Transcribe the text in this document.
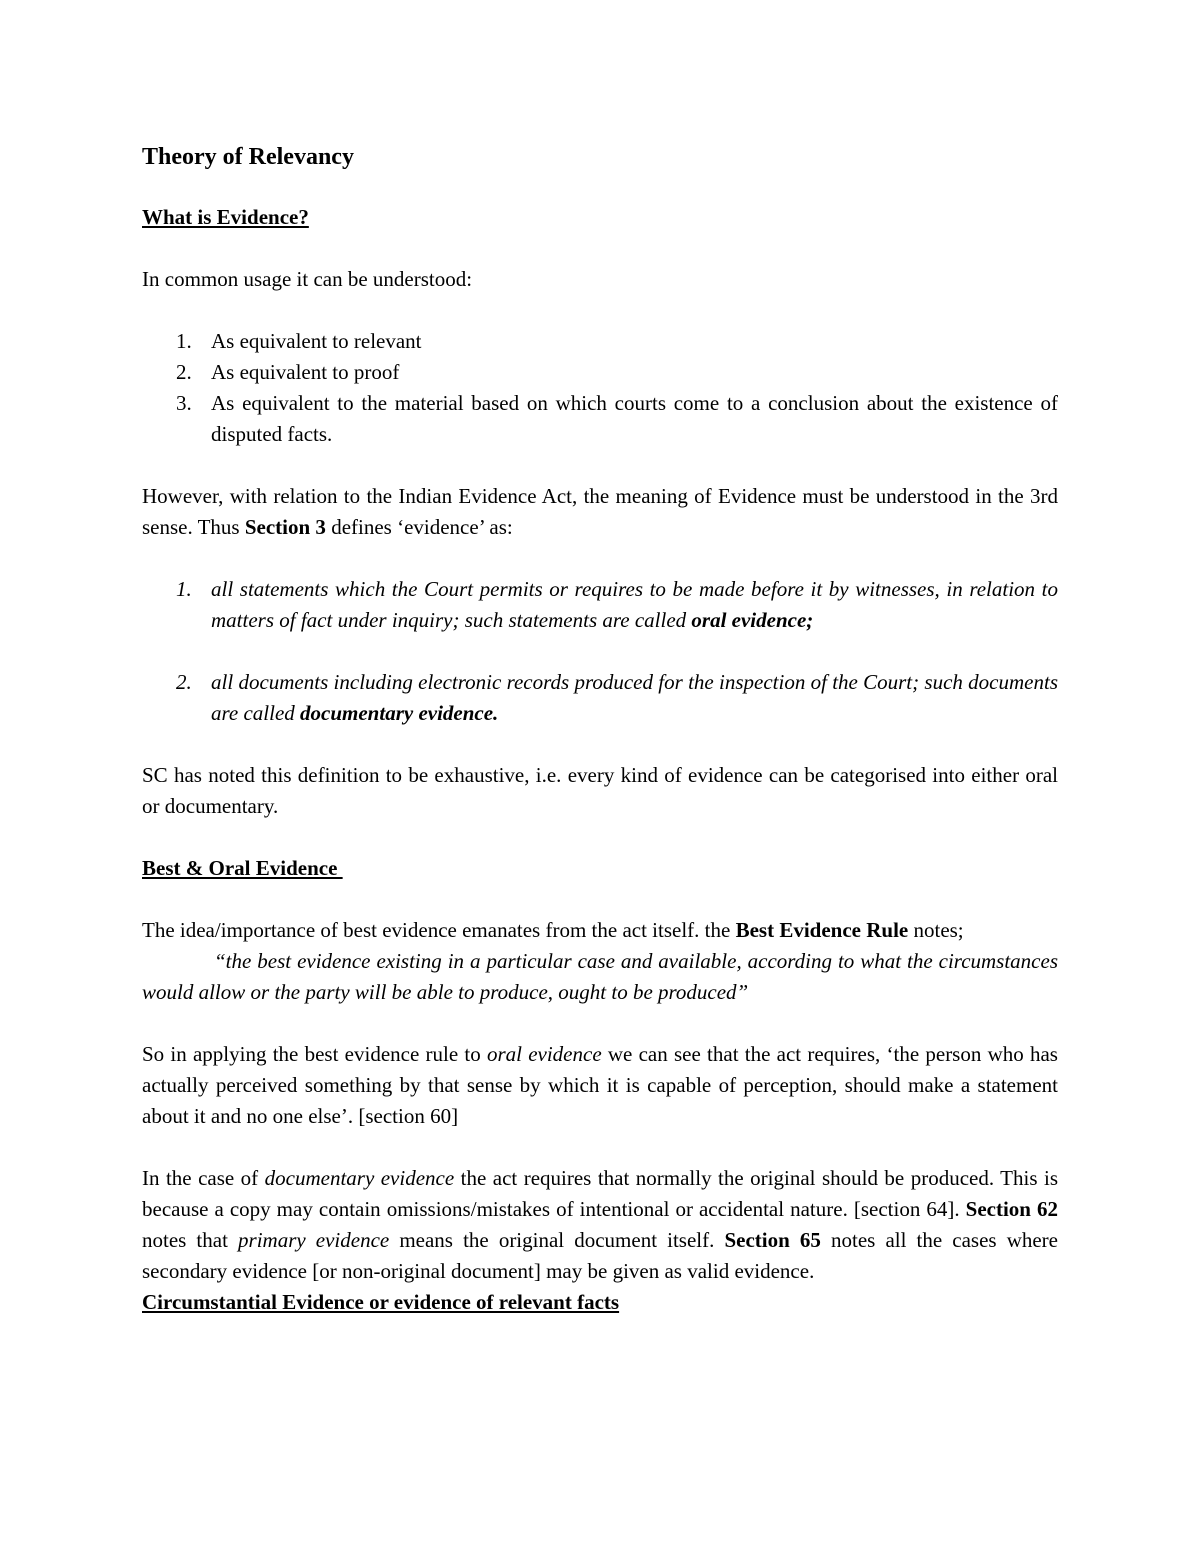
Theory of Relevancy
What is Evidence?

In common usage it can be understood:

1. As equivalent to relevant
2. As equivalent to proof
3. As equivalent to the material based on which courts come to a conclusion about the existence of disputed facts.

However, with relation to the Indian Evidence Act, the meaning of Evidence must be understood in the 3rd sense. Thus Section 3 defines ‘evidence’ as:

1. all statements which the Court permits or requires to be made before it by witnesses, in relation to matters of fact under inquiry; such statements are called oral evidence;
2. all documents including electronic records produced for the inspection of the Court; such documents are called documentary evidence.

SC has noted this definition to be exhaustive, i.e. every kind of evidence can be categorised into either oral or documentary.

Best & Oral Evidence

The idea/importance of best evidence emanates from the act itself. the Best Evidence Rule notes;

“the best evidence existing in a particular case and available, according to what the circumstances would allow or the party will be able to produce, ought to be produced”

So in applying the best evidence rule to oral evidence we can see that the act requires, ‘the person who has actually perceived something by that sense by which it is capable of perception, should make a statement about it and no one else’. [section 60]

In the case of documentary evidence the act requires that normally the original should be produced. This is because a copy may contain omissions/mistakes of intentional or accidental nature. [section 64]. Section 62 notes that primary evidence means the original document itself. Section 65 notes all the cases where secondary evidence [or non-original document] may be given as valid evidence.

Circumstantial Evidence or evidence of relevant facts
